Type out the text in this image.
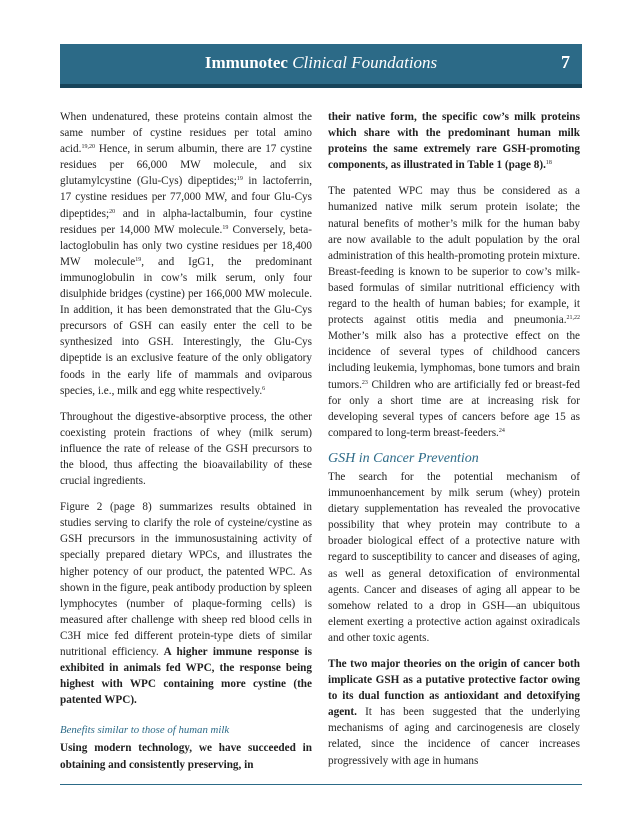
Immunotec Clinical Foundations	7

When undenatured, these proteins contain almost the same number of cystine residues per total amino acid.$^{19,20}$ Hence, in serum albumin, there are 17 cystine residues per 66,000 MW molecule, and six glutamylcystine (Glu-Cys) dipeptides;$^{19}$ in lactoferrin, 17 cystine residues per 77,000 MW, and four Glu-Cys dipeptides;$^{20}$ and in alpha-lactalbumin, four cystine residues per 14,000 MW molecule.$^{19}$ Conversely, beta-lactoglobulin has only two cystine residues per 18,400 MW molecule$^{19}$, and IgG1, the predominant immunoglobulin in cow’s milk serum, only four disulphide bridges (cystine) per 166,000 MW molecule. In addition, it has been demonstrated that the Glu-Cys precursors of GSH can easily enter the cell to be synthesized into GSH. Interestingly, the Glu-Cys dipeptide is an exclusive feature of the only obligatory foods in the early life of mammals and oviparous species, i.e., milk and egg white respectively.$^6$

Throughout the digestive-absorptive process, the other coexisting protein fractions of whey (milk serum) influence the rate of release of the GSH precursors to the blood, thus affecting the bioavailability of these crucial ingredients.

Figure 2 (page 8) summarizes results obtained in studies serving to clarify the role of cysteine/cystine as GSH precursors in the immunosustaining activity of specially prepared dietary WPCs, and illustrates the higher potency of our product, the patented WPC. As shown in the figure, peak antibody production by spleen lymphocytes (number of plaque-forming cells) is measured after challenge with sheep red blood cells in C3H mice fed different protein-type diets of similar nutritional efficiency. A higher immune response is exhibited in animals fed WPC, the response being highest with WPC containing more cystine (the patented WPC).

Benefits similar to those of human milk

Using modern technology, we have succeeded in obtaining and consistently preserving, in

their native form, the specific cow’s milk proteins which share with the predominant human milk proteins the same extremely rare GSH-promoting components, as illustrated in Table 1 (page 8).$^{18}$

The patented WPC may thus be considered as a humanized native milk serum protein isolate; the natural benefits of mother’s milk for the human baby are now available to the adult population by the oral administration of this health-promoting protein mixture. Breast-feeding is known to be superior to cow’s milk-based formulas of similar nutritional efficiency with regard to the health of human babies; for example, it protects against otitis media and pneumonia.$^{21,22}$ Mother’s milk also has a protective effect on the incidence of several types of childhood cancers including leukemia, lymphomas, bone tumors and brain tumors.$^{23}$ Children who are artificially fed or breast-fed for only a short time are at increasing risk for developing several types of cancers before age 15 as compared to long-term breast-feeders.$^{24}$

GSH in Cancer Prevention

The search for the potential mechanism of immunoenhancement by milk serum (whey) protein dietary supplementation has revealed the provocative possibility that whey protein may contribute to a broader biological effect of a protective nature with regard to susceptibility to cancer and diseases of aging, as well as general detoxification of environmental agents. Cancer and diseases of aging all appear to be somehow related to a drop in GSH—an ubiquitous element exerting a protective action against oxiradicals and other toxic agents.

The two major theories on the origin of cancer both implicate GSH as a putative protective factor owing to its dual function as antioxidant and detoxifying agent. It has been suggested that the underlying mechanisms of aging and carcinogenesis are closely related, since the incidence of cancer increases progressively with age in humans
